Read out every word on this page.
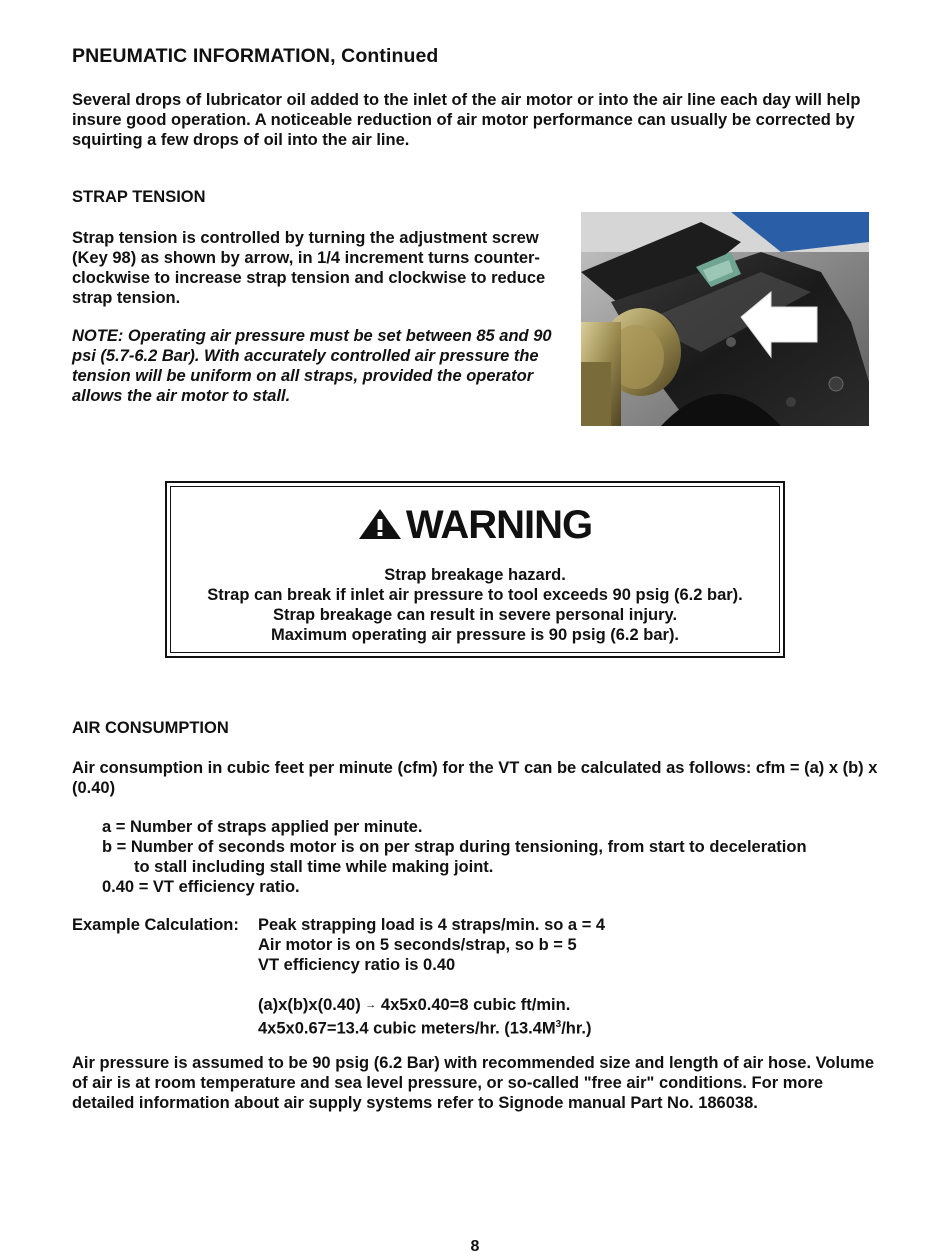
PNEUMATIC INFORMATION, Continued

Several drops of lubricator oil added to the inlet of the air motor or into the air line each day will help insure good operation. A noticeable reduction of air motor performance can usually be corrected by squirting a few drops of oil into the air line.

STRAP TENSION

Strap tension is controlled by turning the adjustment screw (Key 98) as shown by arrow, in 1/4 increment turns counter-clockwise to increase strap tension and clockwise to reduce strap tension.

NOTE: Operating air pressure must be set between 85 and 90 psi (5.7-6.2 Bar). With accurately controlled air pressure the tension will be uniform on all straps, provided the operator allows the air motor to stall.

WARNING
Strap breakage hazard.
Strap can break if inlet air pressure to tool exceeds 90 psig (6.2 bar).
Strap breakage can result in severe personal injury.
Maximum operating air pressure is 90 psig (6.2 bar).

AIR CONSUMPTION

Air consumption in cubic feet per minute (cfm) for the VT can be calculated as follows: cfm = (a) x (b) x (0.40)

a = Number of straps applied per minute.
b = Number of seconds motor is on per strap during tensioning, from start to deceleration
to stall including stall time while making joint.
0.40 = VT efficiency ratio.
Example Calculation: Peak strapping load is 4 straps/min. so a = 4
Air motor is on 5 seconds/strap, so b = 5
VT efficiency ratio is 0.40
(a)x(b)x(0.40) → 4x5x0.40=8 cubic ft/min.
4x5x0.67=13.4 cubic meters/hr. $(13.4M^3/hr.)$

Air pressure is assumed to be 90 psig (6.2 Bar) with recommended size and length of air hose. Volume of air is at room temperature and sea level pressure, or so-called "free air" conditions. For more detailed information about air supply systems refer to Signode manual Part No. 186038.

8
